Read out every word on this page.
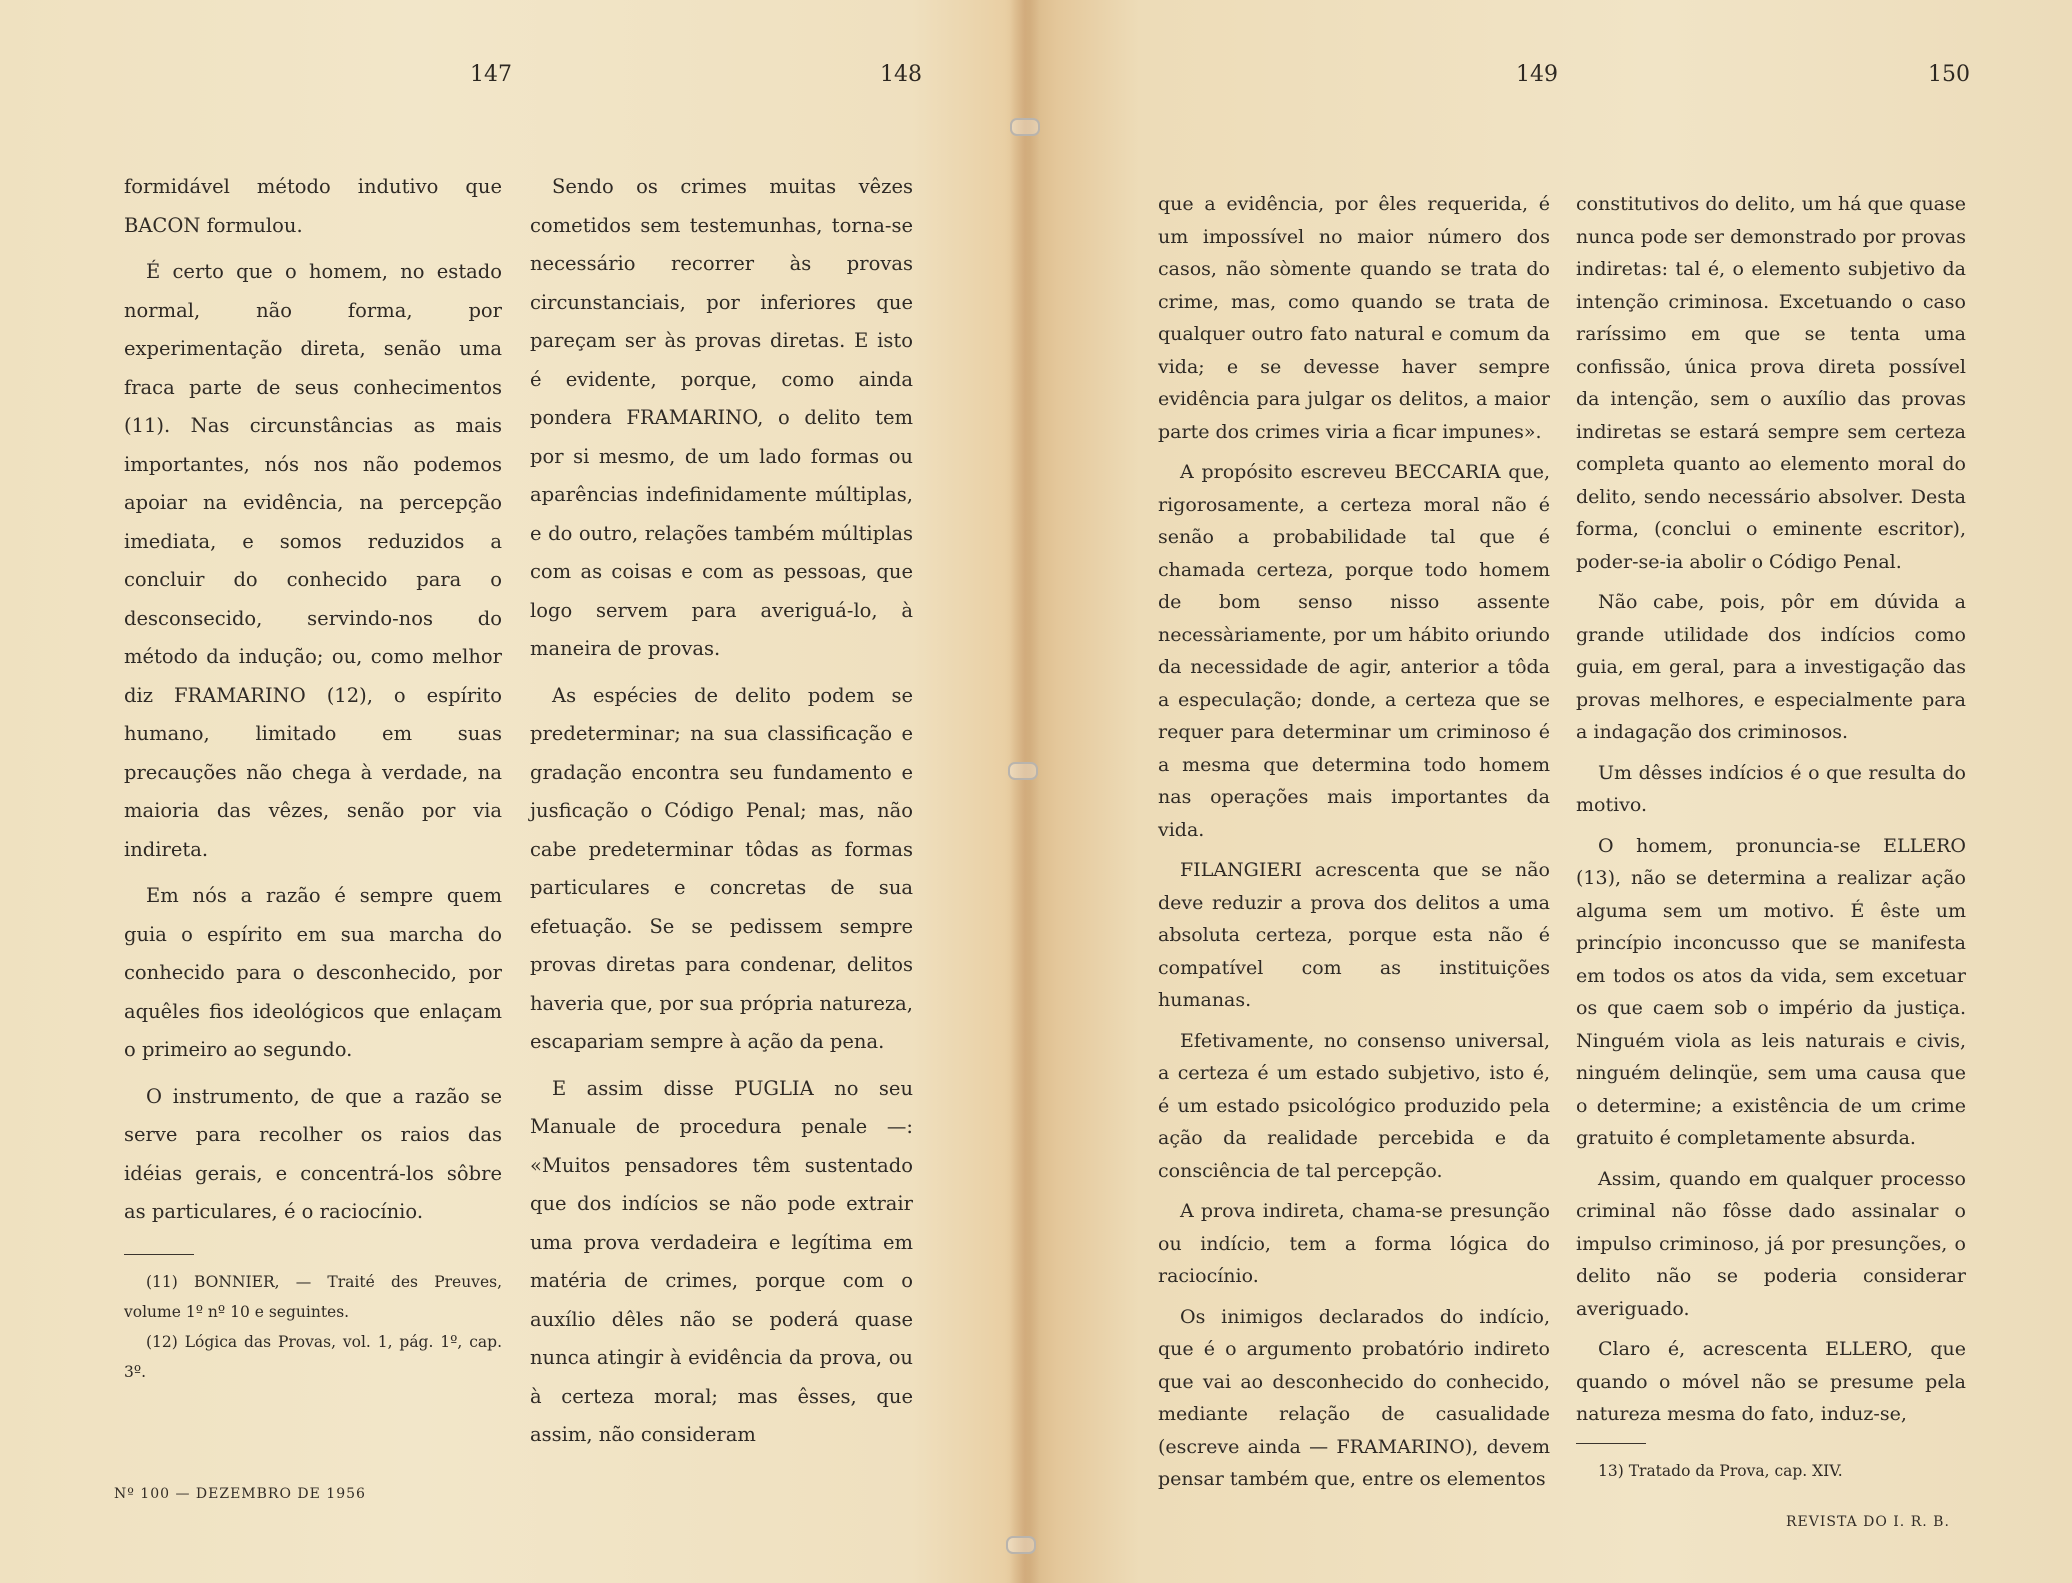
147	148	149	150

formidável método indutivo que BACON formulou.

É certo que o homem, no estado normal, não forma, por experimentação direta, senão uma fraca parte de seus conhecimentos (11). Nas circunstâncias as mais importantes, nós nos não podemos apoiar na evidência, na percepção imediata, e somos reduzidos a concluir do conhecido para o desconsecido, servindo-nos do método da indução; ou, como melhor diz FRAMARINO (12), o espírito humano, limitado em suas precauções não chega à verdade, na maioria das vêzes, senão por via indireta.

Em nós a razão é sempre quem guia o espírito em sua marcha do conhecido para o desconhecido, por aquêles fios ideológicos que enlaçam o primeiro ao segundo.

O instrumento, de que a razão se serve para recolher os raios das idéias gerais, e concentrá-los sôbre as particulares, é o raciocínio.

(11) BONNIER, — Traité des Preuves, volume 1º nº 10 e seguintes.

(12) Lógica das Provas, vol. 1, pág. 1º, cap. 3º.

Sendo os crimes muitas vêzes cometidos sem testemunhas, torna-se necessário recorrer às provas circunstanciais, por inferiores que pareçam ser às provas diretas. E isto é evidente, porque, como ainda pondera FRAMARINO, o delito tem por si mesmo, de um lado formas ou aparências indefinidamente múltiplas, e do outro, relações também múltiplas com as coisas e com as pessoas, que logo servem para averiguá-lo, à maneira de provas.

As espécies de delito podem se predeterminar; na sua classificação e gradação encontra seu fundamento e jusficação o Código Penal; mas, não cabe predeterminar tôdas as formas particulares e concretas de sua efetuação. Se se pedissem sempre provas diretas para condenar, delitos haveria que, por sua própria natureza, escapariam sempre à ação da pena.

E assim disse PUGLIA no seu Manuale de procedura penale —: «Muitos pensadores têm sustentado que dos indícios se não pode extrair uma prova verdadeira e legítima em matéria de crimes, porque com o auxílio dêles não se poderá quase nunca atingir à evidência da prova, ou à certeza moral; mas êsses, que assim, não consideram

que a evidência, por êles requerida, é um impossível no maior número dos casos, não sòmente quando se trata do crime, mas, como quando se trata de qualquer outro fato natural e comum da vida; e se devesse haver sempre evidência para julgar os delitos, a maior parte dos crimes viria a ficar impunes».

A propósito escreveu BECCARIA que, rigorosamente, a certeza moral não é senão a probabilidade tal que é chamada certeza, porque todo homem de bom senso nisso assente necessàriamente, por um hábito oriundo da necessidade de agir, anterior a tôda a especulação; donde, a certeza que se requer para determinar um criminoso é a mesma que determina todo homem nas operações mais importantes da vida.

FILANGIERI acrescenta que se não deve reduzir a prova dos delitos a uma absoluta certeza, porque esta não é compatível com as instituições humanas.

Efetivamente, no consenso universal, a certeza é um estado subjetivo, isto é, é um estado psicológico produzido pela ação da realidade percebida e da consciência de tal percepção.

A prova indireta, chama-se presunção ou indício, tem a forma lógica do raciocínio.

Os inimigos declarados do indício, que é o argumento probatório indireto que vai ao desconhecido do conhecido, mediante relação de casualidade (escreve ainda — FRAMARINO), devem pensar também que, entre os elementos

constitutivos do delito, um há que quase nunca pode ser demonstrado por provas indiretas: tal é, o elemento subjetivo da intenção criminosa. Excetuando o caso raríssimo em que se tenta uma confissão, única prova direta possível da intenção, sem o auxílio das provas indiretas se estará sempre sem certeza completa quanto ao elemento moral do delito, sendo necessário absolver. Desta forma, (conclui o eminente escritor), poder-se-ia abolir o Código Penal.

Não cabe, pois, pôr em dúvida a grande utilidade dos indícios como guia, em geral, para a investigação das provas melhores, e especialmente para a indagação dos criminosos.

Um dêsses indícios é o que resulta do motivo.

O homem, pronuncia-se ELLERO (13), não se determina a realizar ação alguma sem um motivo. É êste um princípio inconcusso que se manifesta em todos os atos da vida, sem excetuar os que caem sob o império da justiça. Ninguém viola as leis naturais e civis, ninguém delinqüe, sem uma causa que o determine; a existência de um crime gratuito é completamente absurda.

Assim, quando em qualquer processo criminal não fôsse dado assinalar o impulso criminoso, já por presunções, o delito não se poderia considerar averiguado.

Claro é, acrescenta ELLERO, que quando o móvel não se presume pela natureza mesma do fato, induz-se,

13) Tratado da Prova, cap. XIV.

Nº 100 — DEZEMBRO DE 1956
REVISTA DO I. R. B.
